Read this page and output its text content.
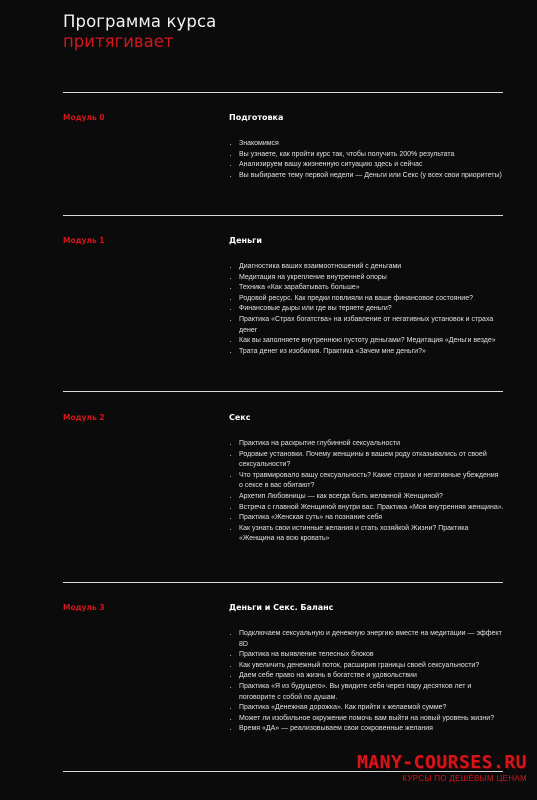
Программа курса
притягивает
Модуль 0	Подготовка
• Знакомимся
• Вы узнаете, как пройти курс так, чтобы получить 200% результата
• Анализируем вашу жизненную ситуацию здесь и сейчас
• Вы выбираете тему первой недели — Деньги или Секс (у всех свои приоритеты)
Модуль 1	Деньги
• Диагностика ваших взаимоотношений с деньгами
• Медитация на укрепление внутренней опоры
• Техника «Как зарабатывать больше»
• Родовой ресурс. Как предки повлияли на ваше финансовое состояние?
• Финансовые дыры или где вы теряете деньги?
• Практика «Страх богатства» на избавление от негативных установок и страха денег
• Как вы заполняете внутреннюю пустоту деньгами? Медитация «Деньги везде»
• Трата денег из изобилия. Практика «Зачем мне деньги?»
Модуль 2	Секс
• Практика на раскрытие глубинной сексуальности
• Родовые установки. Почему женщины в вашем роду отказывались от своей сексуальности?
• Что травмировало вашу сексуальность? Какие страхи и негативные убеждения о сексе в вас обитают?
• Архетип Любовницы — как всегда быть желанной Женщиной?
• Встреча с главной Женщиной внутри вас. Практика «Моя внутренняя женщина».
• Практика «Женская суть» на познание себя
• Как узнать свои истинные желания и стать хозяйкой Жизни? Практика «Женщина на всю кровать»
Модуль 3	Деньги и Секс. Баланс
• Подключаем сексуальную и денежную энергию вместе на медитации — эффект 8D
• Практика на выявление телесных блоков
• Как увеличить денежный поток, расширив границы своей сексуальности?
• Даем себе право на жизнь в богатстве и удовольствии
• Практика «Я из будущего». Вы увидите себя через пару десятков лет и поговорите с собой по душам.
• Практика «Денежная дорожка». Как прийти к желаемой сумме?
• Может ли изобильное окружение помочь вам выйти на новый уровень жизни?
• Время «ДА» — реализовываем свои сокровенные желания
MANY-COURSES.RU
КУРСЫ ПО ДЕШЁВЫМ ЦЕНАМ
